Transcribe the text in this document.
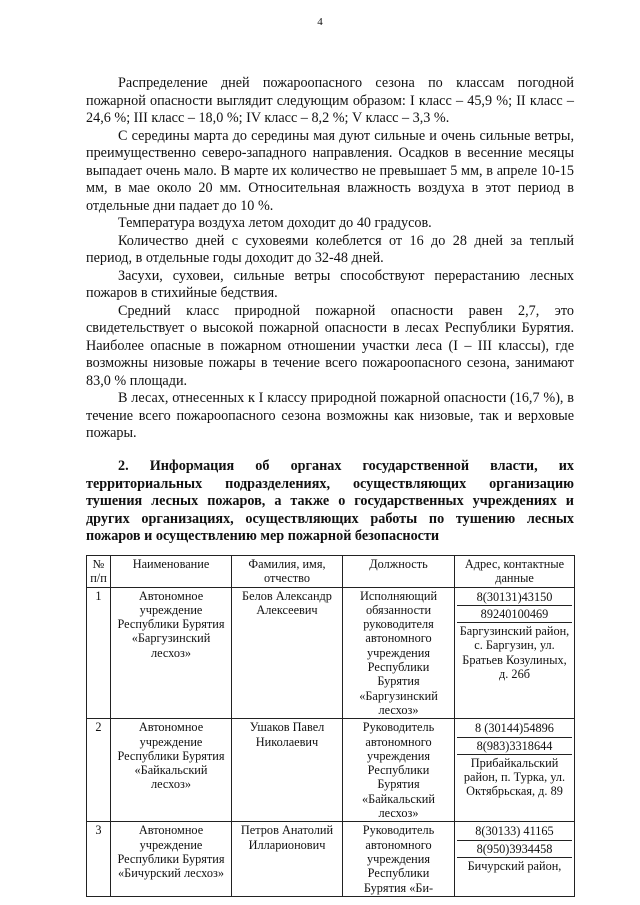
4

Распределение дней пожароопасного сезона по классам погодной пожарной опасности выглядит следующим образом: I класс – 45,9 %; II класс – 24,6 %; III класс – 18,0 %; IV класс – 8,2 %; V класс – 3,3 %.

С середины марта до середины мая дуют сильные и очень сильные ветры, преимущественно северо-западного направления. Осадков в весенние месяцы выпадает очень мало. В марте их количество не превышает 5 мм, в апреле 10-15 мм, в мае около 20 мм. Относительная влажность воздуха в этот период в отдельные дни падает до 10 %.

Температура воздуха летом доходит до 40 градусов.

Количество дней с суховеями колеблется от 16 до 28 дней за теплый период, в отдельные годы доходит до 32-48 дней.

Засухи, суховеи, сильные ветры способствуют перерастанию лесных пожаров в стихийные бедствия.

Средний класс природной пожарной опасности равен 2,7, это свидетельствует о высокой пожарной опасности в лесах Республики Бурятия. Наиболее опасные в пожарном отношении участки леса (I – III классы), где возможны низовые пожары в течение всего пожароопасного сезона, занимают 83,0 % площади.

В лесах, отнесенных к I классу природной пожарной опасности (16,7 %), в течение всего пожароопасного сезона возможны как низовые, так и верховые пожары.

2. Информация об органах государственной власти, их территориальных подразделениях, осуществляющих организацию тушения лесных пожаров, а также о государственных учреждениях и других организациях, осуществляющих работы по тушению лесных пожаров и осуществлению мер пожарной безопасности
№ п/п	Наименование	Фамилия, имя, отчество	Должность	Адрес, контактные данные
1	Автономное учреждение Республики Бурятия «Баргузинский лесхоз»	Белов Александр Алексеевич	Исполняющий обязанности руководителя автономного учреждения Республики Бурятия «Баргузинский лесхоз»	8(30131)43150
89240100469
Баргузинский район, с. Баргузин, ул. Братьев Козулиных, д. 26б

2	Автономное учреждение Республики Бурятия «Байкальский лесхоз»	Ушаков Павел Николаевич	Руководитель автономного учреждения Республики Бурятия «Байкальский лесхоз»	8 (30144)54896
8(983)3318644
Прибайкальский район, п. Турка, ул. Октябрьская, д. 89

3	Автономное учреждение Республики Бурятия «Бичурский лесхоз»	Петров Анатолий Илларионович	Руководитель автономного учреждения Республики Бурятия «Би-	8(30133) 41165
8(950)3934458
Бичурский район,
